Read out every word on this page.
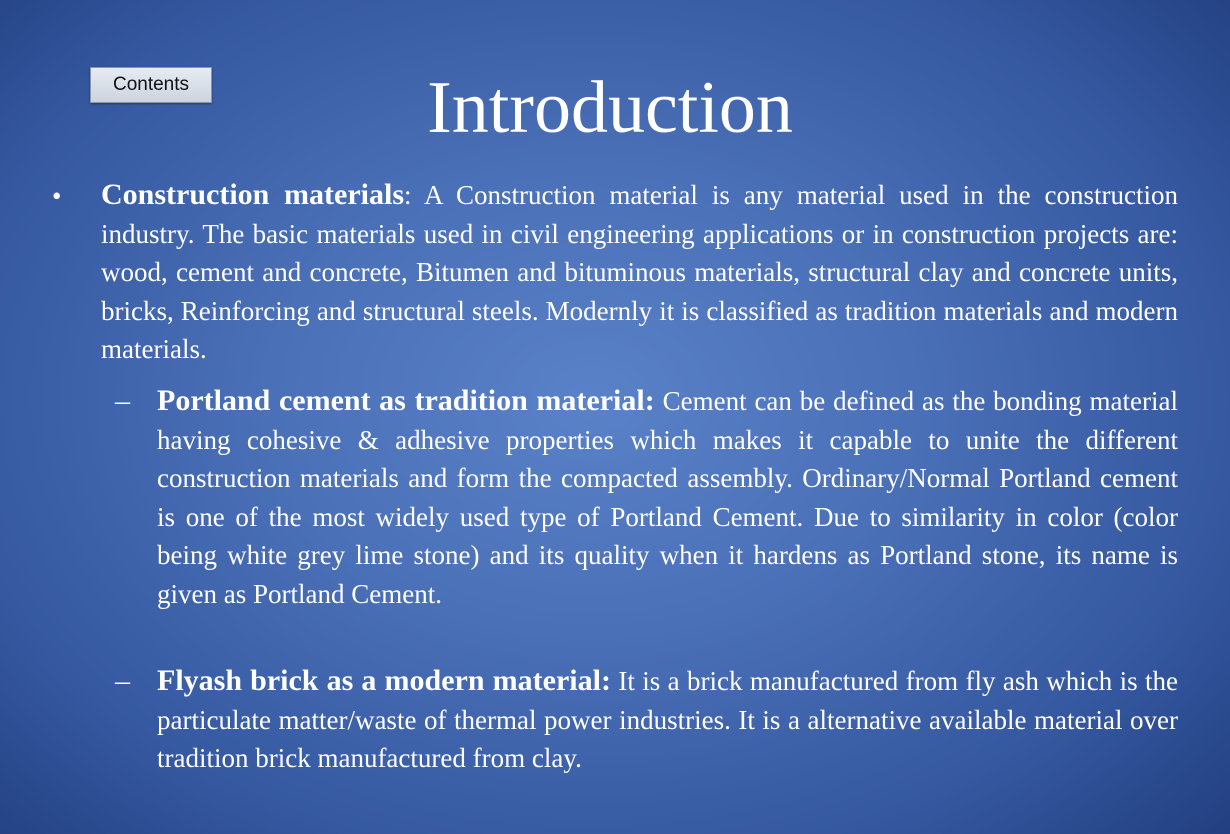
Contents	Introduction
• Construction materials: A Construction material is any material used in the construction industry. The basic materials used in civil engineering applications or in construction projects are: wood, cement and concrete, Bitumen and bituminous materials, structural clay and concrete units, bricks, Reinforcing and structural steels. Modernly it is classified as tradition materials and modern materials.

– Portland cement as tradition material: Cement can be defined as the bonding material having cohesive & adhesive properties which makes it capable to unite the different construction materials and form the compacted assembly. Ordinary/Normal Portland cement is one of the most widely used type of Portland Cement. Due to similarity in color (color being white grey lime stone) and its quality when it hardens as Portland stone, its name is given as Portland Cement.

– Flyash brick as a modern material: It is a brick manufactured from fly ash which is the particulate matter/waste of thermal power industries. It is a alternative available material over tradition brick manufactured from clay.
